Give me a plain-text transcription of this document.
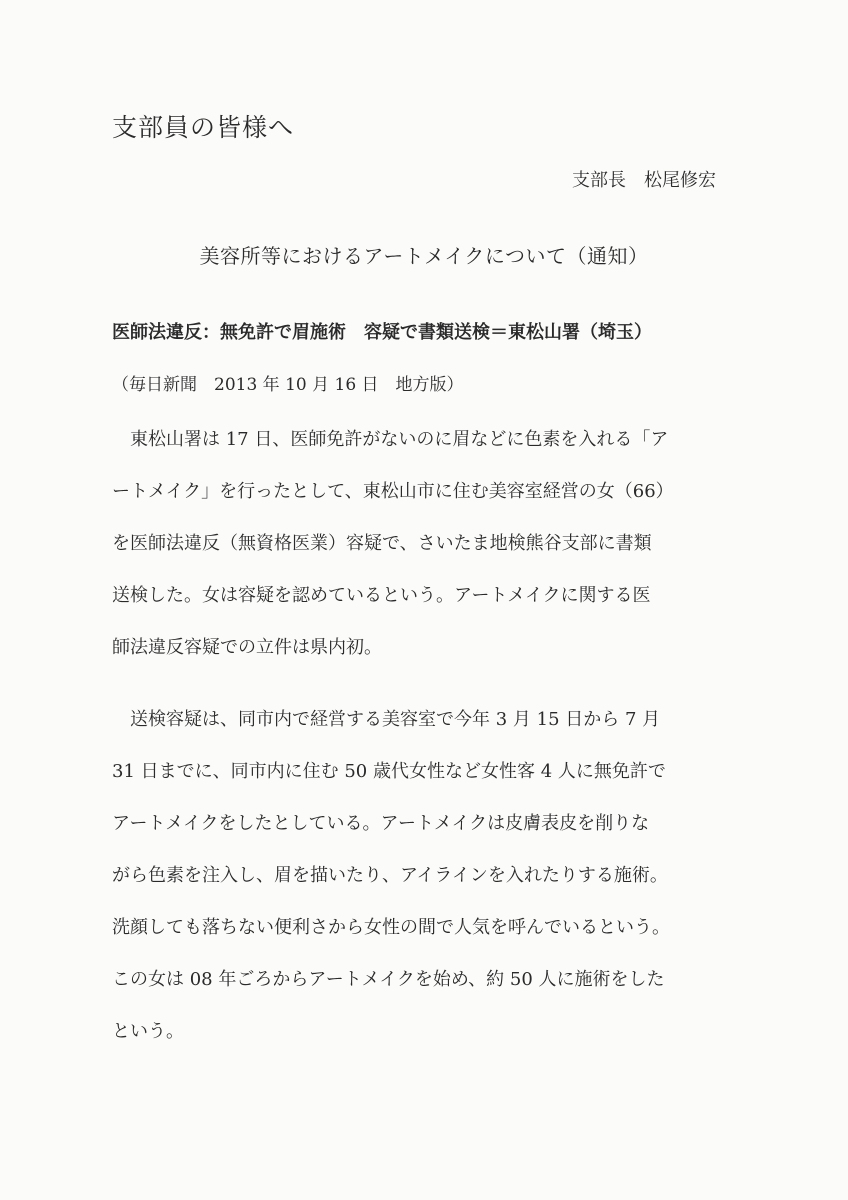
支部員の皆様へ
支部長　松尾修宏
美容所等におけるアートメイクについて（通知）
医師法違反：無免許で眉施術　容疑で書類送検＝東松山署（埼玉）
（毎日新聞　2013 年 10 月 16 日　地方版）

東松山署は 17 日、医師免許がないのに眉などに色素を入れる「ア
ートメイク」を行ったとして、東松山市に住む美容室経営の女（66）
を医師法違反（無資格医業）容疑で、さいたま地検熊谷支部に書類
送検した。女は容疑を認めているという。アートメイクに関する医
師法違反容疑での立件は県内初。

送検容疑は、同市内で経営する美容室で今年 3 月 15 日から 7 月
31 日までに、同市内に住む 50 歳代女性など女性客 4 人に無免許で
アートメイクをしたとしている。アートメイクは皮膚表皮を削りな
がら色素を注入し、眉を描いたり、アイラインを入れたりする施術。
洗顔しても落ちない便利さから女性の間で人気を呼んでいるという。
この女は 08 年ごろからアートメイクを始め、約 50 人に施術をした
という。
